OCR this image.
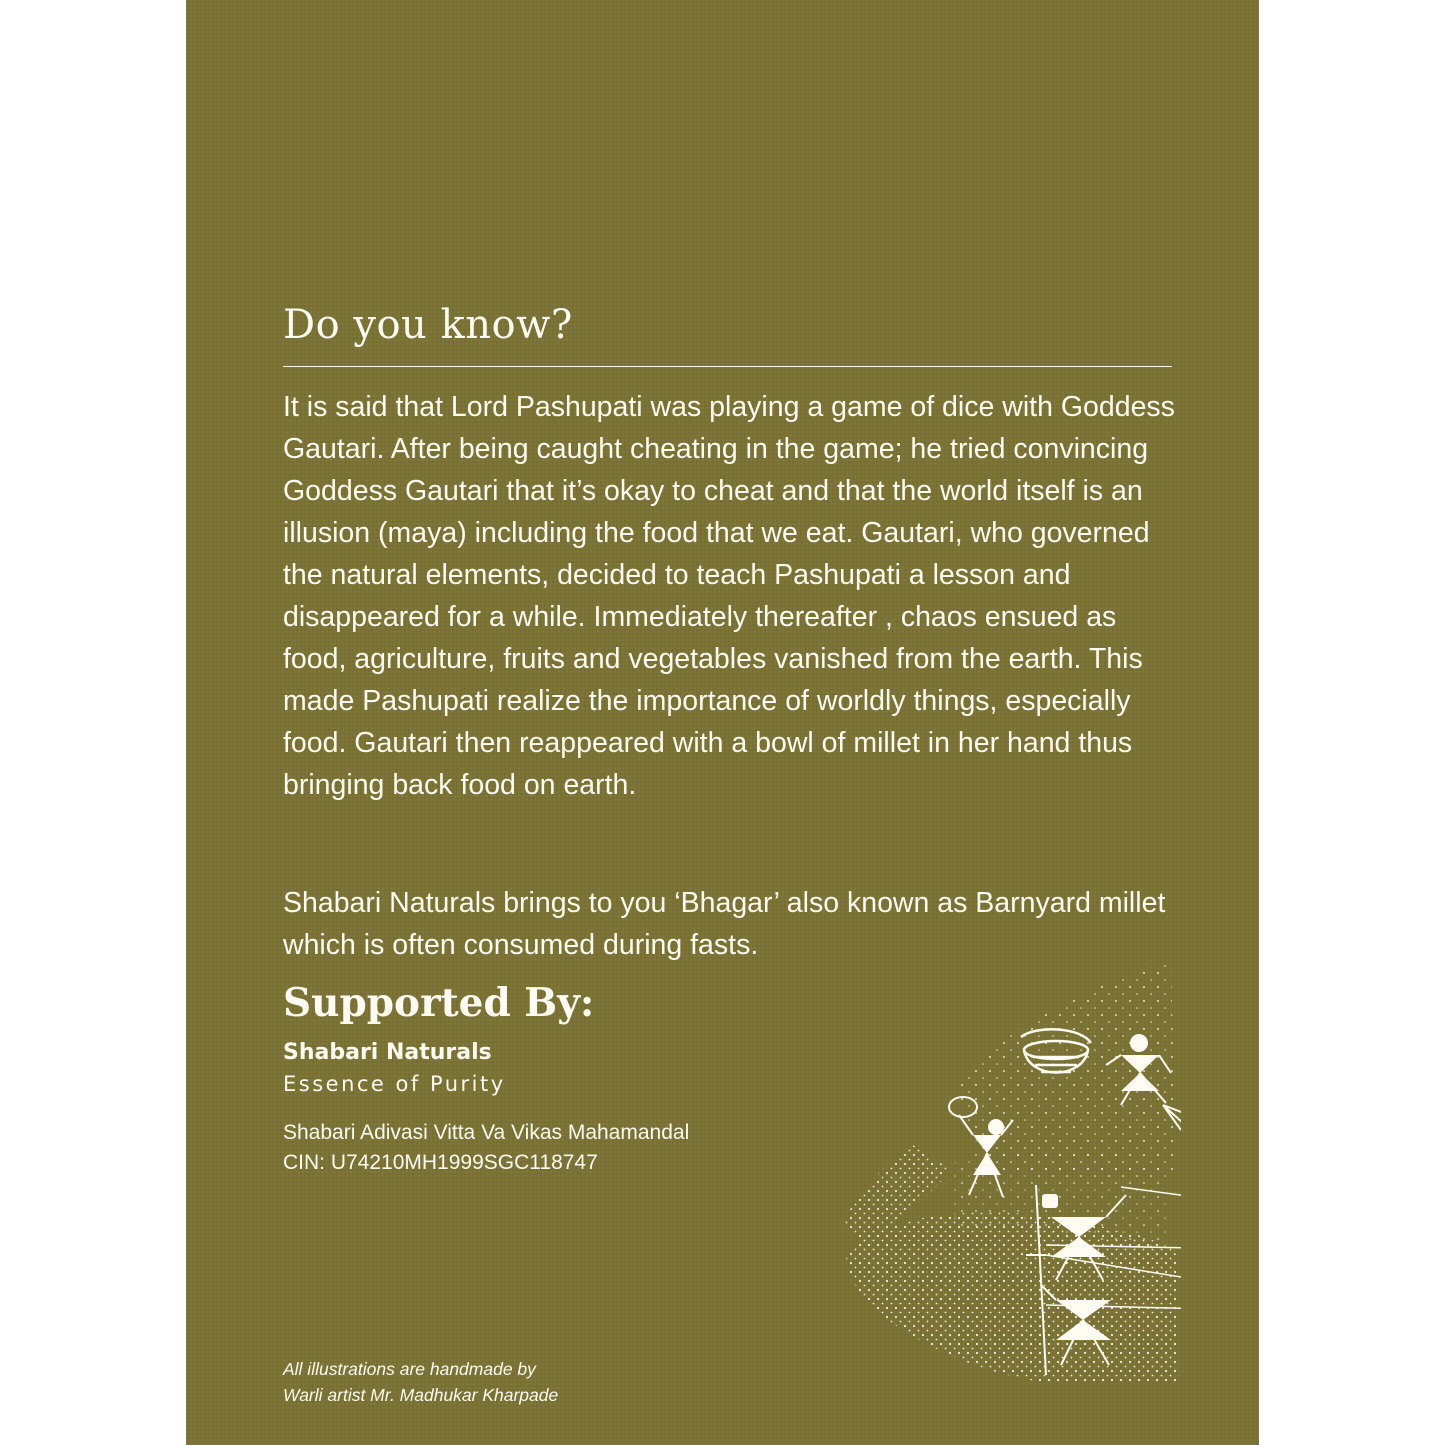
Do you know?

It is said that Lord Pashupati was playing a game of dice with Goddess Gautari. After being caught cheating in the game; he tried convincing Goddess Gautari that it’s okay to cheat and that the world itself is an illusion (maya) including the food that we eat. Gautari, who governed the natural elements, decided to teach Pashupati a lesson and disappeared for a while. Immediately thereafter , chaos ensued as food, agriculture, fruits and vegetables vanished from the earth. This made Pashupati realize the importance of worldly things, especially food. Gautari then reappeared with a bowl of millet in her hand thus bringing back food on earth.

Shabari Naturals brings to you ‘Bhagar’ also known as Barnyard millet which is often consumed during fasts.

Supported By:
Shabari Naturals
Essence of Purity
Shabari Adivasi Vitta Va Vikas Mahamandal
CIN: U74210MH1999SGC118747
All illustrations are handmade by
Warli artist Mr. Madhukar Kharpade
